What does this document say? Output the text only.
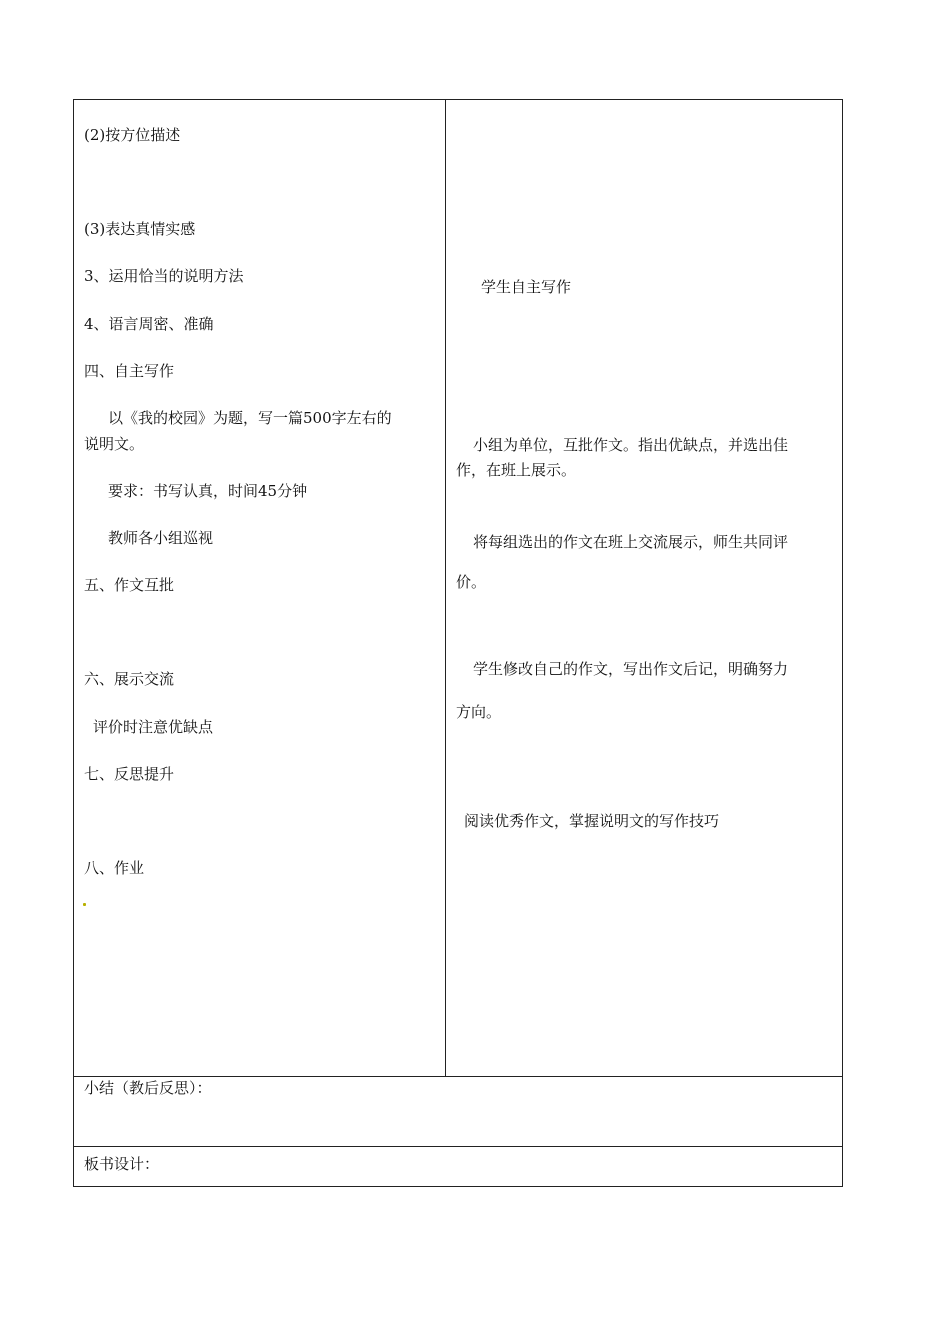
(2)按方位描述
(3)表达真情实感
3、运用恰当的说明方法
4、语言周密、准确
四、自主写作
以《我的校园》为题，写一篇500字左右的
说明文。
要求：书写认真，时间45分钟
教师各小组巡视
五、作文互批
六、展示交流
评价时注意优缺点
七、反思提升
八、作业
学生自主写作
小组为单位，互批作文。指出优缺点，并选出佳
作，在班上展示。
将每组选出的作文在班上交流展示，师生共同评
价。
学生修改自己的作文，写出作文后记，明确努力
方向。
阅读优秀作文，掌握说明文的写作技巧
小结（教后反思）：
板书设计：
